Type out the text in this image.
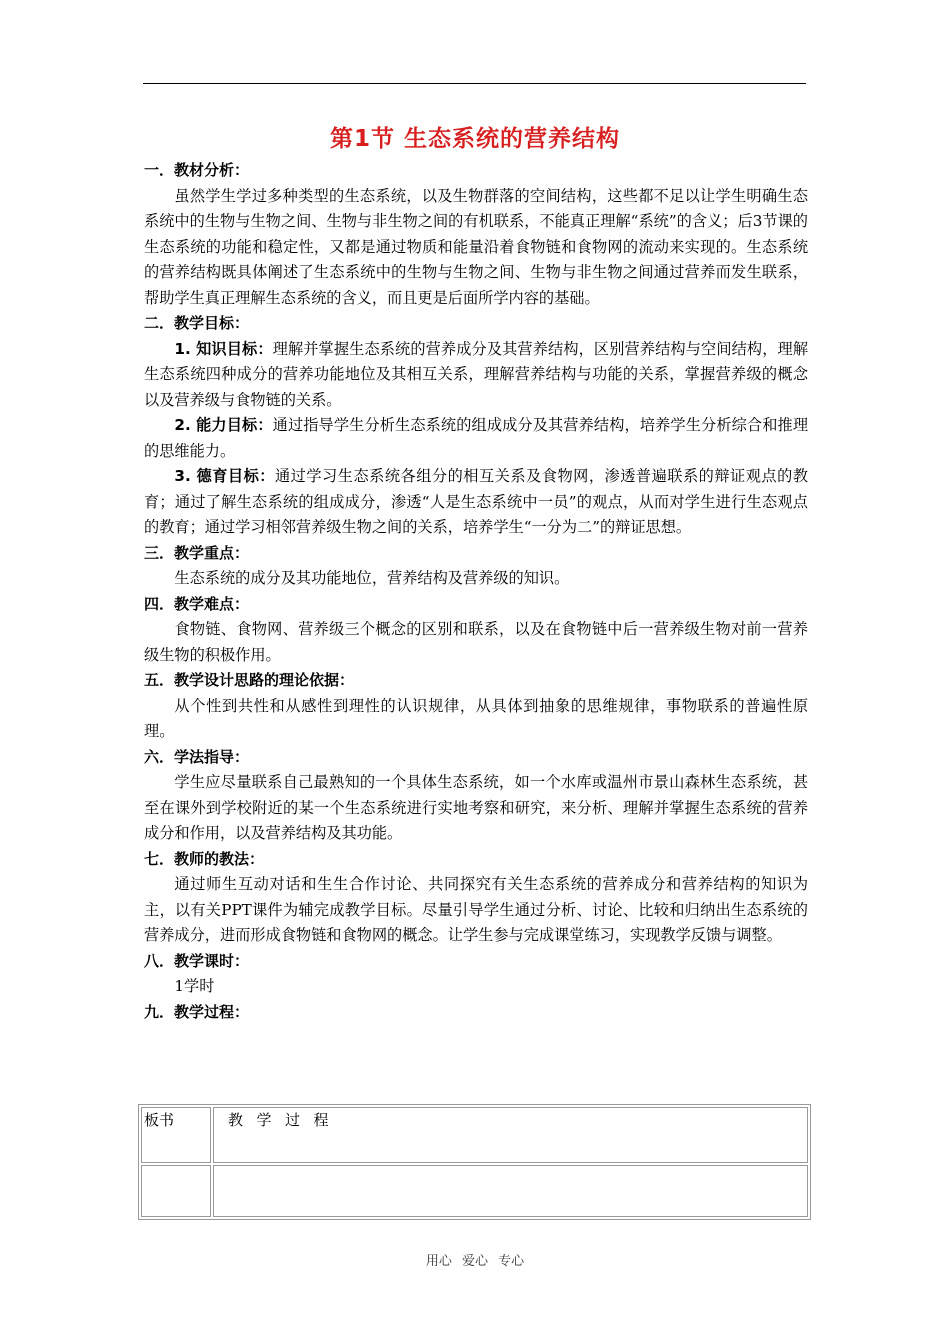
第1节 生态系统的营养结构
一．教材分析：
虽然学生学过多种类型的生态系统，以及生物群落的空间结构，这些都不足以让学生明确生态系统中的生物与生物之间、生物与非生物之间的有机联系，不能真正理解“系统”的含义；后3节课的生态系统的功能和稳定性，又都是通过物质和能量沿着食物链和食物网的流动来实现的。生态系统的营养结构既具体阐述了生态系统中的生物与生物之间、生物与非生物之间通过营养而发生联系，帮助学生真正理解生态系统的含义，而且更是后面所学内容的基础。
二．教学目标：
1. 知识目标：理解并掌握生态系统的营养成分及其营养结构，区别营养结构与空间结构，理解生态系统四种成分的营养功能地位及其相互关系，理解营养结构与功能的关系，掌握营养级的概念以及营养级与食物链的关系。
2. 能力目标：通过指导学生分析生态系统的组成成分及其营养结构，培养学生分析综合和推理的思维能力。
3. 德育目标：通过学习生态系统各组分的相互关系及食物网，渗透普遍联系的辩证观点的教育；通过了解生态系统的组成成分，渗透“人是生态系统中一员”的观点，从而对学生进行生态观点的教育；通过学习相邻营养级生物之间的关系，培养学生“一分为二”的辩证思想。
三．教学重点：
生态系统的成分及其功能地位，营养结构及营养级的知识。
四．教学难点：
食物链、食物网、营养级三个概念的区别和联系，以及在食物链中后一营养级生物对前一营养级生物的积极作用。
五．教学设计思路的理论依据：
从个性到共性和从感性到理性的认识规律，从具体到抽象的思维规律，事物联系的普遍性原理。
六．学法指导：
学生应尽量联系自己最熟知的一个具体生态系统，如一个水库或温州市景山森林生态系统，甚至在课外到学校附近的某一个生态系统进行实地考察和研究，来分析、理解并掌握生态系统的营养成分和作用，以及营养结构及其功能。
七．教师的教法：
通过师生互动对话和生生合作讨论、共同探究有关生态系统的营养成分和营养结构的知识为主，以有关PPT课件为辅完成教学目标。尽量引导学生通过分析、讨论、比较和归纳出生态系统的营养成分，进而形成食物链和食物网的概念。让学生参与完成课堂练习，实现教学反馈与调整。
八．教学课时：
1学时
九．教学过程：
板书	教学过程

用心 爱心 专心
